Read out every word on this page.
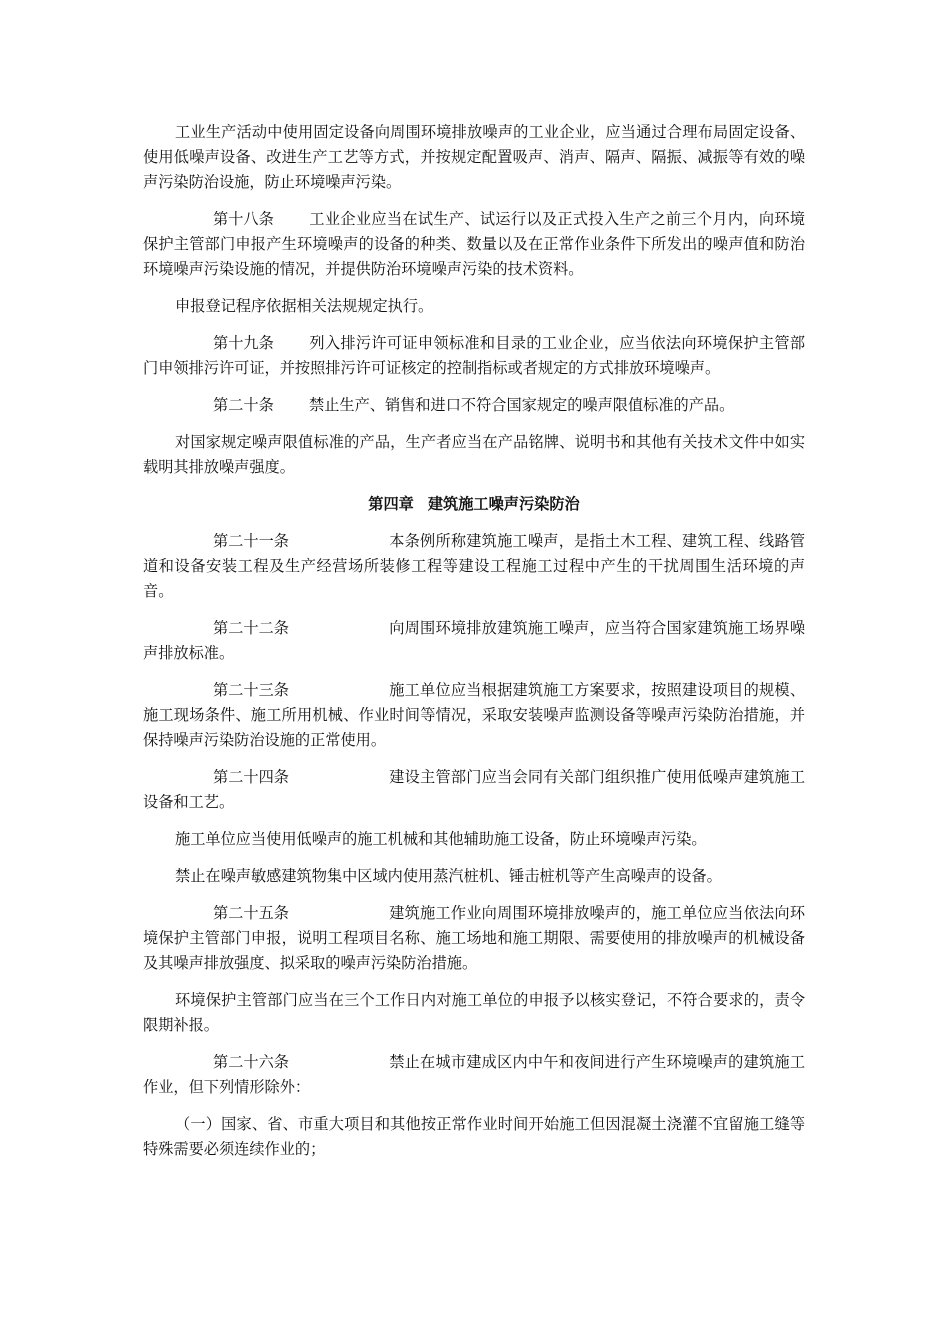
工业生产活动中使用固定设备向周围环境排放噪声的工业企业，应当通过合理布局固定设备、使用低噪声设备、改进生产工艺等方式，并按规定配置吸声、消声、隔声、隔振、减振等有效的噪声污染防治设施，防止环境噪声污染。

第十八条 工业企业应当在试生产、试运行以及正式投入生产之前三个月内，向环境保护主管部门申报产生环境噪声的设备的种类、数量以及在正常作业条件下所发出的噪声值和防治环境噪声污染设施的情况，并提供防治环境噪声污染的技术资料。

申报登记程序依据相关法规规定执行。

第十九条 列入排污许可证申领标准和目录的工业企业，应当依法向环境保护主管部门申领排污许可证，并按照排污许可证核定的控制指标或者规定的方式排放环境噪声。

第二十条 禁止生产、销售和进口不符合国家规定的噪声限值标准的产品。

对国家规定噪声限值标准的产品，生产者应当在产品铭牌、说明书和其他有关技术文件中如实载明其排放噪声强度。

第四章 建筑施工噪声污染防治

第二十一条	本条例所称建筑施工噪声，是指土木工程、建筑工程、线路管道和设备安装工程及生产经营场所装修工程等建设工程施工过程中产生的干扰周围生活环境的声音。

第二十二条	向周围环境排放建筑施工噪声，应当符合国家建筑施工场界噪声排放标准。

第二十三条	施工单位应当根据建筑施工方案要求，按照建设项目的规模、施工现场条件、施工所用机械、作业时间等情况，采取安装噪声监测设备等噪声污染防治措施，并保持噪声污染防治设施的正常使用。

第二十四条	建设主管部门应当会同有关部门组织推广使用低噪声建筑施工设备和工艺。

施工单位应当使用低噪声的施工机械和其他辅助施工设备，防止环境噪声污染。

禁止在噪声敏感建筑物集中区域内使用蒸汽桩机、锤击桩机等产生高噪声的设备。

第二十五条	建筑施工作业向周围环境排放噪声的，施工单位应当依法向环境保护主管部门申报，说明工程项目名称、施工场地和施工期限、需要使用的排放噪声的机械设备及其噪声排放强度、拟采取的噪声污染防治措施。

环境保护主管部门应当在三个工作日内对施工单位的申报予以核实登记，不符合要求的，责令限期补报。

第二十六条	禁止在城市建成区内中午和夜间进行产生环境噪声的建筑施工作业，但下列情形除外：

（一）国家、省、市重大项目和其他按正常作业时间开始施工但因混凝土浇灌不宜留施工缝等特殊需要必须连续作业的；
